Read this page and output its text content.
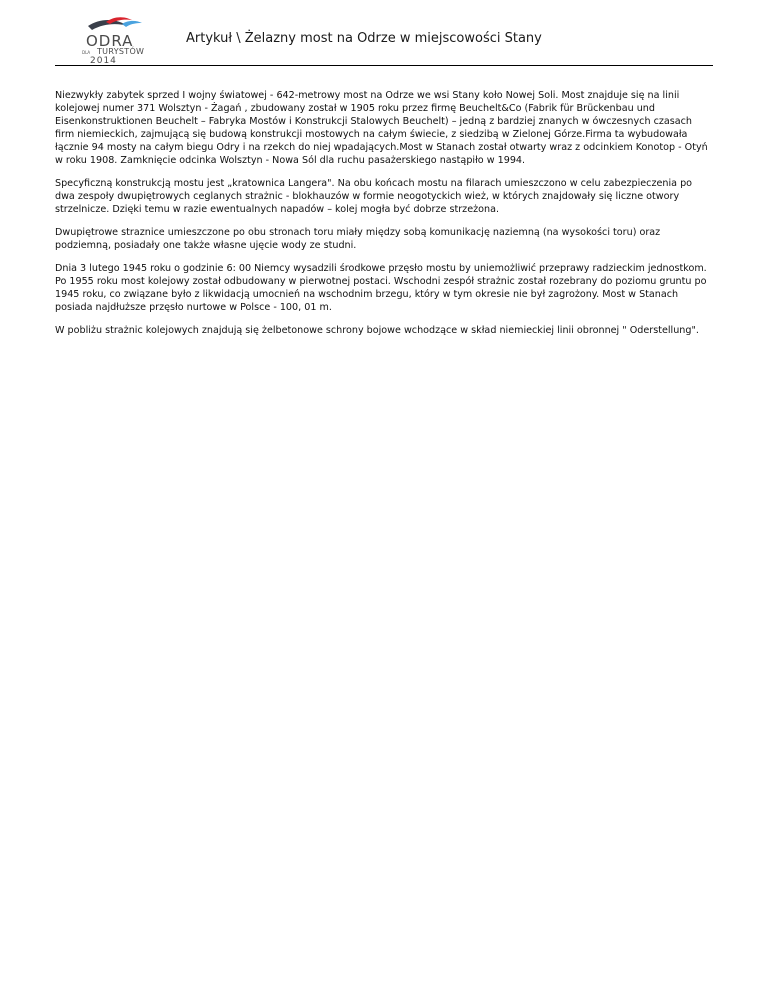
ODRA
DLA TURYSTÓW
2014
Artykuł \ Żelazny most na Odrze w miejscowości Stany

Niezwykły zabytek sprzed I wojny światowej - 642-metrowy most na Odrze we wsi Stany koło Nowej Soli. Most znajduje się na linii kolejowej numer 371 Wolsztyn - Żagań , zbudowany został w 1905 roku przez firmę Beuchelt&Co (Fabrik für Brückenbau und Eisenkonstruktionen Beuchelt – Fabryka Mostów i Konstrukcji Stalowych Beuchelt) – jedną z bardziej znanych w ówczesnych czasach firm niemieckich, zajmującą się budową konstrukcji mostowych na całym świecie, z siedzibą w Zielonej Górze.Firma ta wybudowała łącznie 94 mosty na całym biegu Odry i na rzekch do niej wpadających.Most w Stanach został otwarty wraz z odcinkiem Konotop - Otyń w roku 1908. Zamknięcie odcinka Wolsztyn - Nowa Sól dla ruchu pasażerskiego nastąpiło w 1994.

Specyficzną konstrukcją mostu jest „kratownica Langera". Na obu końcach mostu na filarach umieszczono w celu zabezpieczenia po dwa zespoły dwupiętrowych ceglanych strażnic - blokhauzów w formie neogotyckich wież, w których znajdowały się liczne otwory strzelnicze. Dzięki temu w razie ewentualnych napadów – kolej mogła być dobrze strzeżona.

Dwupiętrowe straznice umieszczone po obu stronach toru miały między sobą komunikację naziemną (na wysokości toru) oraz podziemną, posiadały one także własne ujęcie wody ze studni.

Dnia 3 lutego 1945 roku o godzinie 6: 00 Niemcy wysadzili środkowe przęsło mostu by uniemożliwić przeprawy radzieckim jednostkom. Po 1955 roku most kolejowy został odbudowany w pierwotnej postaci. Wschodni zespół strażnic został rozebrany do poziomu gruntu po 1945 roku, co związane było z likwidacją umocnień na wschodnim brzegu, który w tym okresie nie był zagrożony. Most w Stanach posiada najdłuższe przęsło nurtowe w Polsce - 100, 01 m.

W pobliżu strażnic kolejowych znajdują się żelbetonowe schrony bojowe wchodzące w skład niemieckiej linii obronnej " Oderstellung".
